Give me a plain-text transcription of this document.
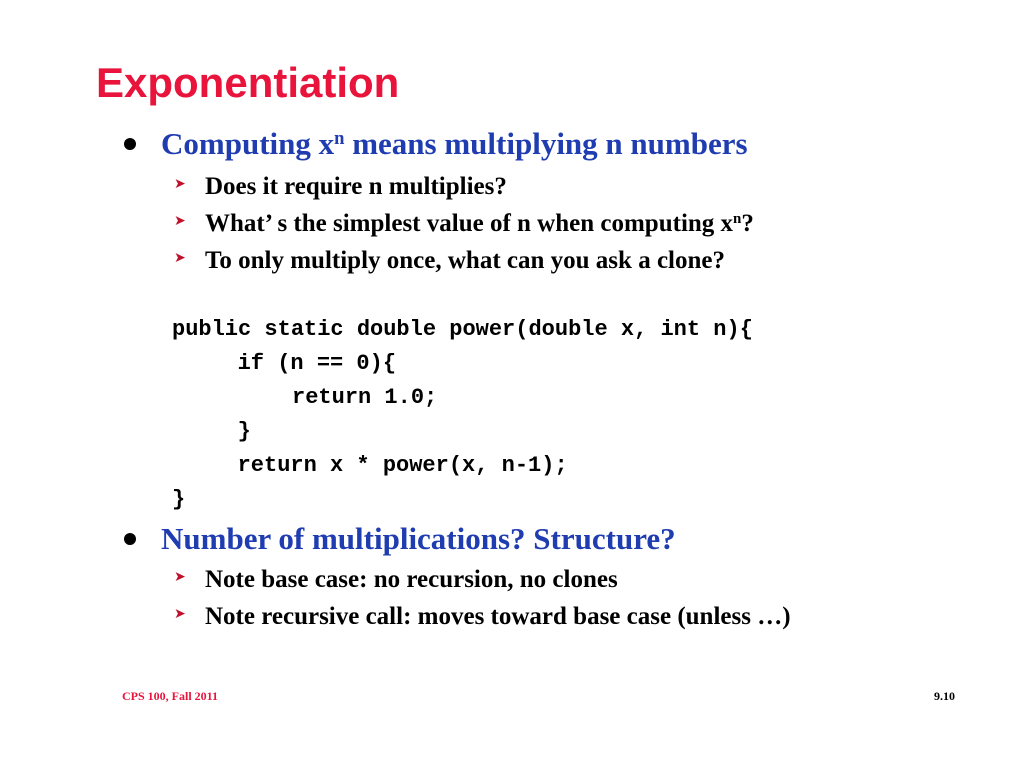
Exponentiation
Computing $x^n$ means multiplying n numbers
➤ Does it require n multiplies?
➤ What’ s the simplest value of n when computing $x^n$?
➤ To only multiply once, what can you ask a clone?
public static double power(double x, int n){
if (n == 0){
return 1.0;
}
return x * power(x, n-1);
}
Number of multiplications? Structure?
➤ Note base case: no recursion, no clones
➤ Note recursive call: moves toward base case (unless …)
CPS 100, Fall 2011	9.10
